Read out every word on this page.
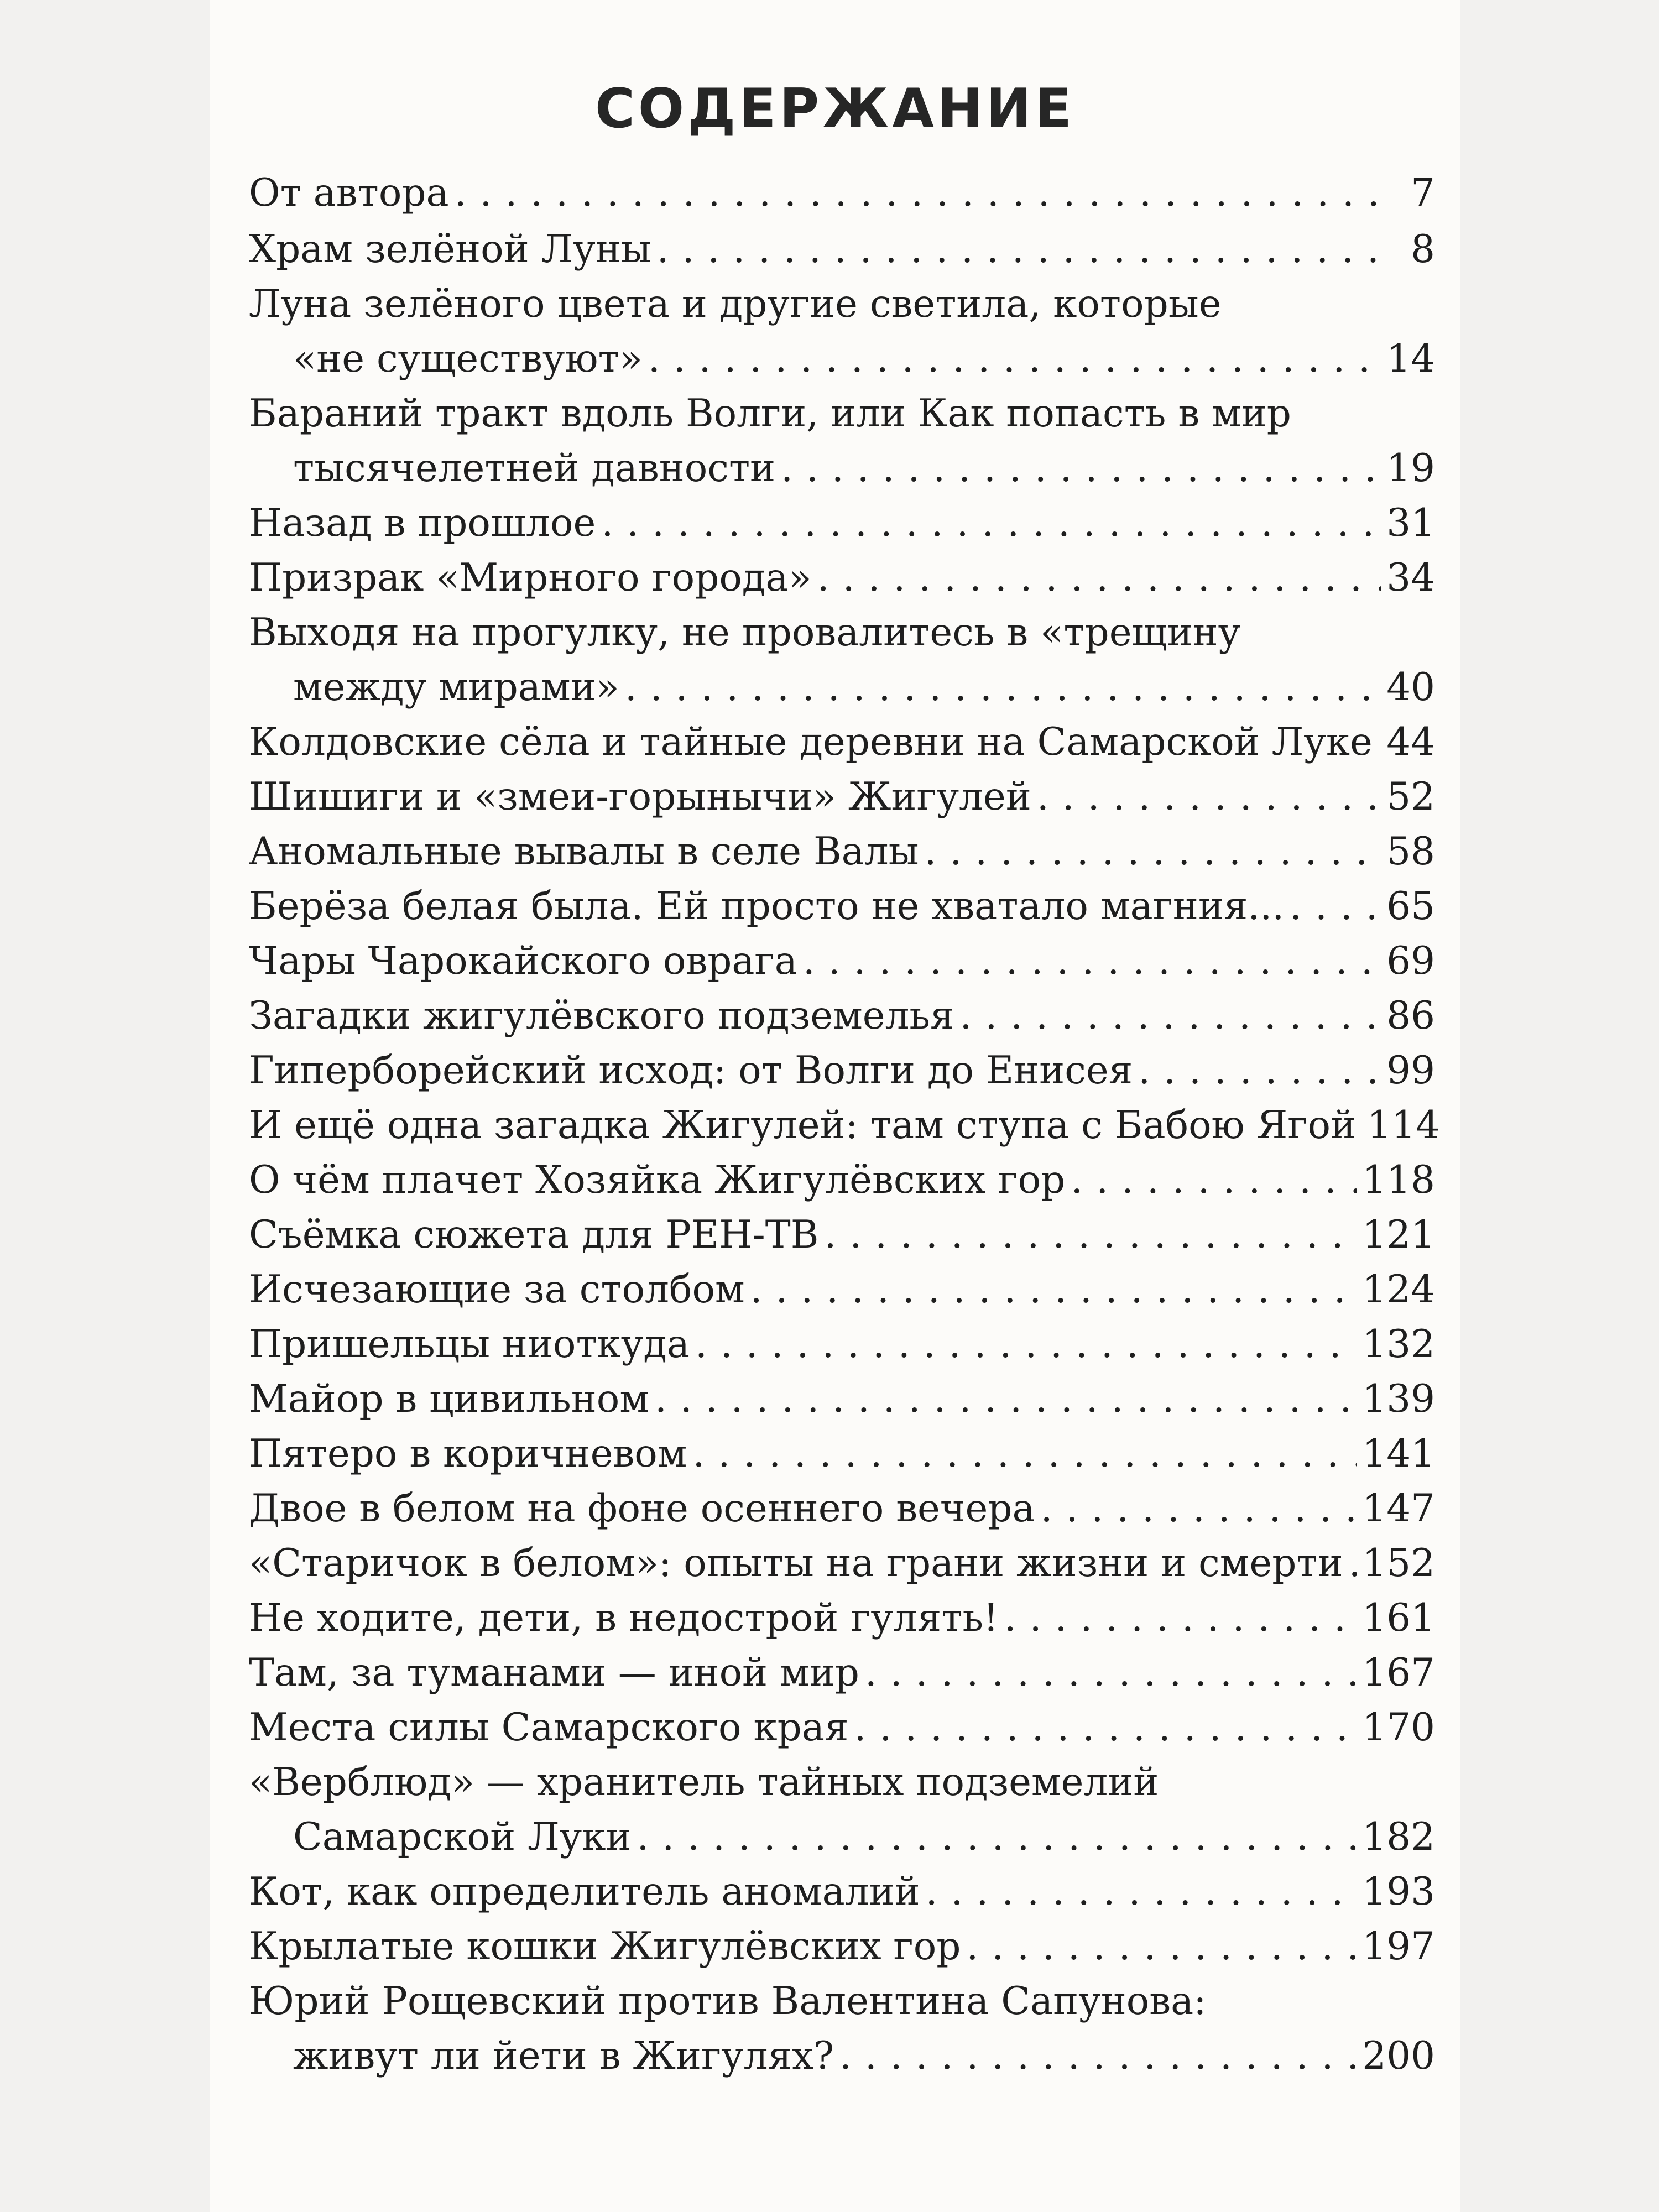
СОДЕРЖАНИЕ
От автора . . .	7
Храм зелёной Луны . . .	8
Луна зелёного цвета и другие светила, которые
«не существуют» . . .	14
Бараний тракт вдоль Волги, или Как попасть в мир
тысячелетней давности . . .	19
Назад в прошлое . . .	31
Призрак «Мирного города» . . .	34
Выходя на прогулку, не провалитесь в «трещину
между мирами» . . .	40
Колдовские сёла и тайные деревни на Самарской Луке . . . 44
Шишиги и «змеи-горынычи» Жигулей . . .	52
Аномальные вывалы в селе Валы . . .	58
Берёза белая была. Ей просто не хватало магния... . . .	65
Чары Чарокайского оврага . . .	69
Загадки жигулёвского подземелья . . .	86
Гиперборейский исход: от Волги до Енисея . . .	99
И ещё одна загадка Жигулей: там ступа с Бабою Ягой 114
О чём плачет Хозяйка Жигулёвских гор . . .	118
Съёмка сюжета для РЕН-ТВ . . .	121
Исчезающие за столбом . . .	124
Пришельцы ниоткуда . . .	132
Майор в цивильном . . .	139
Пятеро в коричневом . . .	141
Двое в белом на фоне осеннего вечера . . .	147
«Старичок в белом»: опыты на грани жизни и смерти . . . 152
Не ходите, дети, в недострой гулять! . . .	161
Там, за туманами — иной мир . . .	167
Места силы Самарского края . . .	170
«Верблюд» — хранитель тайных подземелий
Самарской Луки . . .	182
Кот, как определитель аномалий . . .	193
Крылатые кошки Жигулёвских гор . . .	197
Юрий Рощевский против Валентина Сапунова:
живут ли йети в Жигулях? . . .	200
